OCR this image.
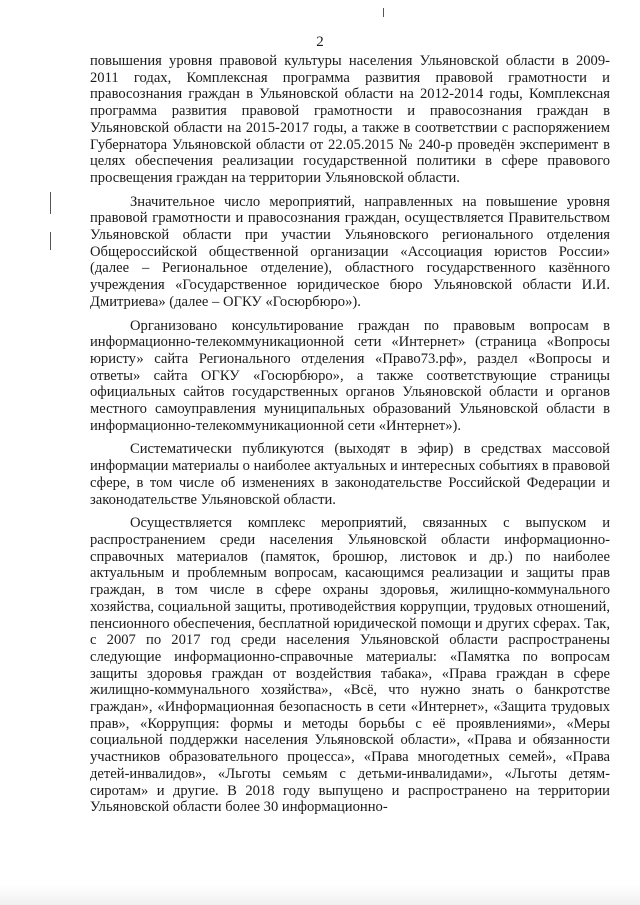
2

повышения уровня правовой культуры населения Ульяновской области в 2009-2011 годах, Комплексная программа развития правовой грамотности и правосознания граждан в Ульяновской области на 2012-2014 годы, Комплексная программа развития правовой грамотности и правосознания граждан в Ульяновской области на 2015-2017 годы, а также в соответствии с распоряжением Губернатора Ульяновской области от 22.05.2015 № 240-р проведён эксперимент в целях обеспечения реализации государственной политики в сфере правового просвещения граждан на территории Ульяновской области.

Значительное число мероприятий, направленных на повышение уровня правовой грамотности и правосознания граждан, осуществляется Правительством Ульяновской области при участии Ульяновского регионального отделения Общероссийской общественной организации «Ассоциация юристов России» (далее – Региональное отделение), областного государственного казённого учреждения «Государственное юридическое бюро Ульяновской области И.И. Дмитриева» (далее – ОГКУ «Госюрбюро»).

Организовано консультирование граждан по правовым вопросам в информационно-телекоммуникационной сети «Интернет» (страница «Вопросы юристу» сайта Регионального отделения «Право73.рф», раздел «Вопросы и ответы» сайта ОГКУ «Госюрбюро», а также соответствующие страницы официальных сайтов государственных органов Ульяновской области и органов местного самоуправления муниципальных образований Ульяновской области в информационно-телекоммуникационной сети «Интернет»).

Систематически публикуются (выходят в эфир) в средствах массовой информации материалы о наиболее актуальных и интересных событиях в правовой сфере, в том числе об изменениях в законодательстве Российской Федерации и законодательстве Ульяновской области.

Осуществляется комплекс мероприятий, связанных с выпуском и распространением среди населения Ульяновской области информационно-справочных материалов (памяток, брошюр, листовок и др.) по наиболее актуальным и проблемным вопросам, касающимся реализации и защиты прав граждан, в том числе в сфере охраны здоровья, жилищно-коммунального хозяйства, социальной защиты, противодействия коррупции, трудовых отношений, пенсионного обеспечения, бесплатной юридической помощи и других сферах. Так, с 2007 по 2017 год среди населения Ульяновской области распространены следующие информационно-справочные материалы: «Памятка по вопросам защиты здоровья граждан от воздействия табака», «Права граждан в сфере жилищно-коммунального хозяйства», «Всё, что нужно знать о банкротстве граждан», «Информационная безопасность в сети «Интернет», «Защита трудовых прав», «Коррупция: формы и методы борьбы с её проявлениями», «Меры социальной поддержки населения Ульяновской области», «Права и обязанности участников образовательного процесса», «Права многодетных семей», «Права детей-инвалидов», «Льготы семьям с детьми-инвалидами», «Льготы детям-сиротам» и другие. В 2018 году выпущено и распространено на территории Ульяновской области более 30 информационно-
